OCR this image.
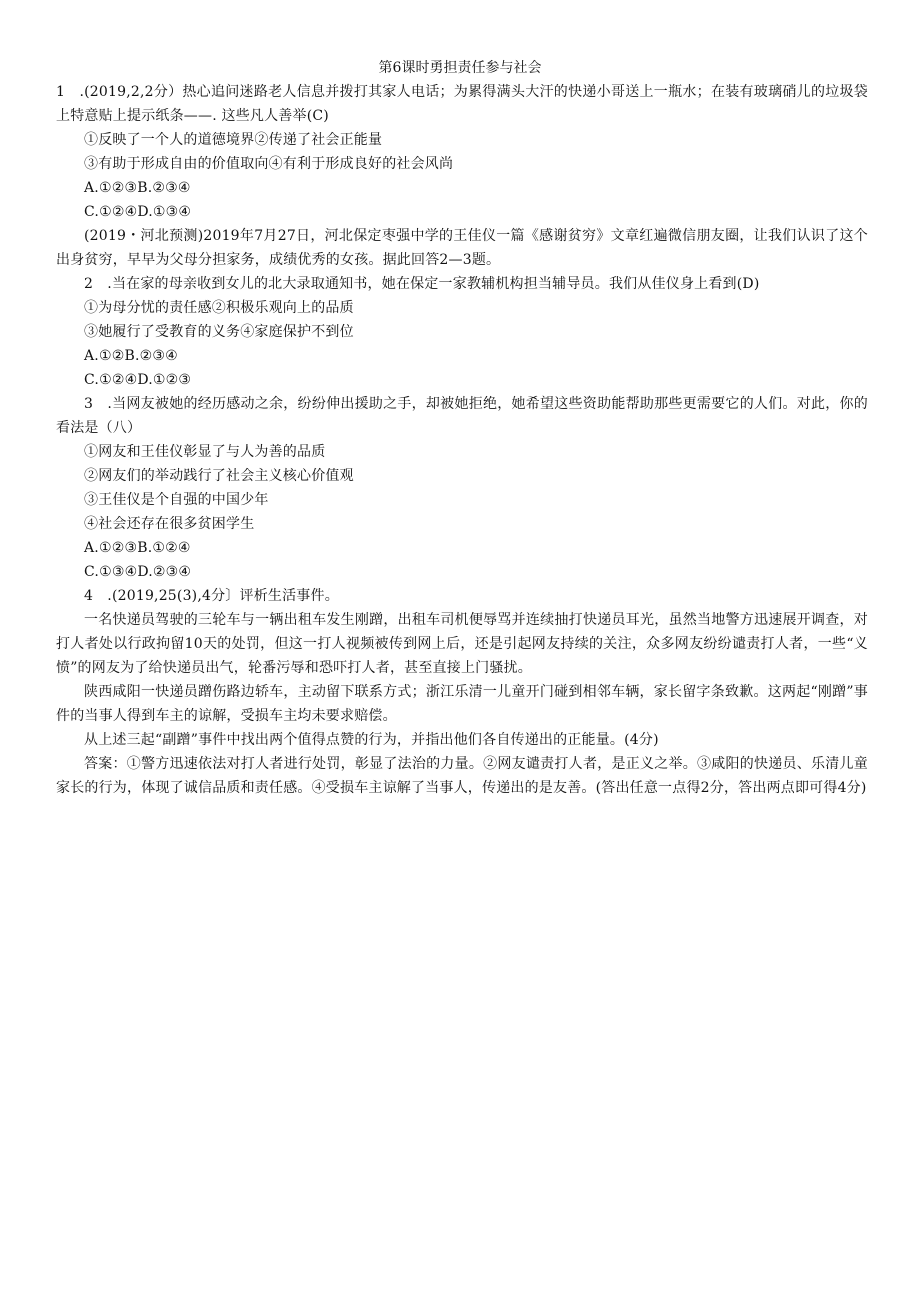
第6课时勇担责任参与社会

1　.(2019,2,2分）热心追问迷路老人信息并拨打其家人电话；为累得满头大汗的快递小哥送上一瓶水；在装有玻璃硝儿的垃圾袋上特意贴上提示纸条——. 这些凡人善举(C)

①反映了一个人的道德境界②传递了社会正能量

③有助于形成自由的价值取向④有利于形成良好的社会风尚

A.①②③B.②③④

C.①②④D.①③④

(2019・河北预测)2019年7月27日，河北保定枣强中学的王佳仪一篇《感谢贫穷》文章红遍微信朋友圈，让我们认识了这个出身贫穷，早早为父母分担家务，成绩优秀的女孩。据此回答2—3题。

2　.当在家的母亲收到女儿的北大录取通知书，她在保定一家教辅机构担当辅导员。我们从佳仪身上看到(D)

①为母分忧的责任感②积极乐观向上的品质

③她履行了受教育的义务④家庭保护不到位

A.①②B.②③④

C.①②④D.①②③

3　.当网友被她的经历感动之余，纷纷伸出援助之手，却被她拒绝，她希望这些资助能帮助那些更需要它的人们。对此，你的看法是（八）

①网友和王佳仪彰显了与人为善的品质

②网友们的举动践行了社会主义核心价值观

③王佳仪是个自强的中国少年

④社会还存在很多贫困学生

A.①②③B.①②④

C.①③④D.②③④

4　.(2019,25(3),4分〕评析生活事件。

一名快递员驾驶的三轮车与一辆出租车发生刚蹭，出租车司机便辱骂并连续抽打快递员耳光，虽然当地警方迅速展开调查，对打人者处以行政拘留10天的处罚，但这一打人视频被传到网上后，还是引起网友持续的关注，众多网友纷纷谴责打人者，一些“义愤”的网友为了给快递员出气，轮番污辱和恐吓打人者，甚至直接上门骚扰。

陕西咸阳一快递员蹭伤路边轿车，主动留下联系方式；浙江乐清一儿童开门碰到相邻车辆，家长留字条致歉。这两起“刚蹭”事件的当事人得到车主的谅解，受损车主均未要求赔偿。

从上述三起“副蹭”事件中找出两个值得点赞的行为，并指出他们各自传递出的正能量。(4分)

答案：①警方迅速依法对打人者进行处罚，彰显了法治的力量。②网友谴责打人者，是正义之举。③咸阳的快递员、乐清儿童家长的行为，体现了诚信品质和责任感。④受损车主谅解了当事人，传递出的是友善。(答出任意一点得2分，答出两点即可得4分)
